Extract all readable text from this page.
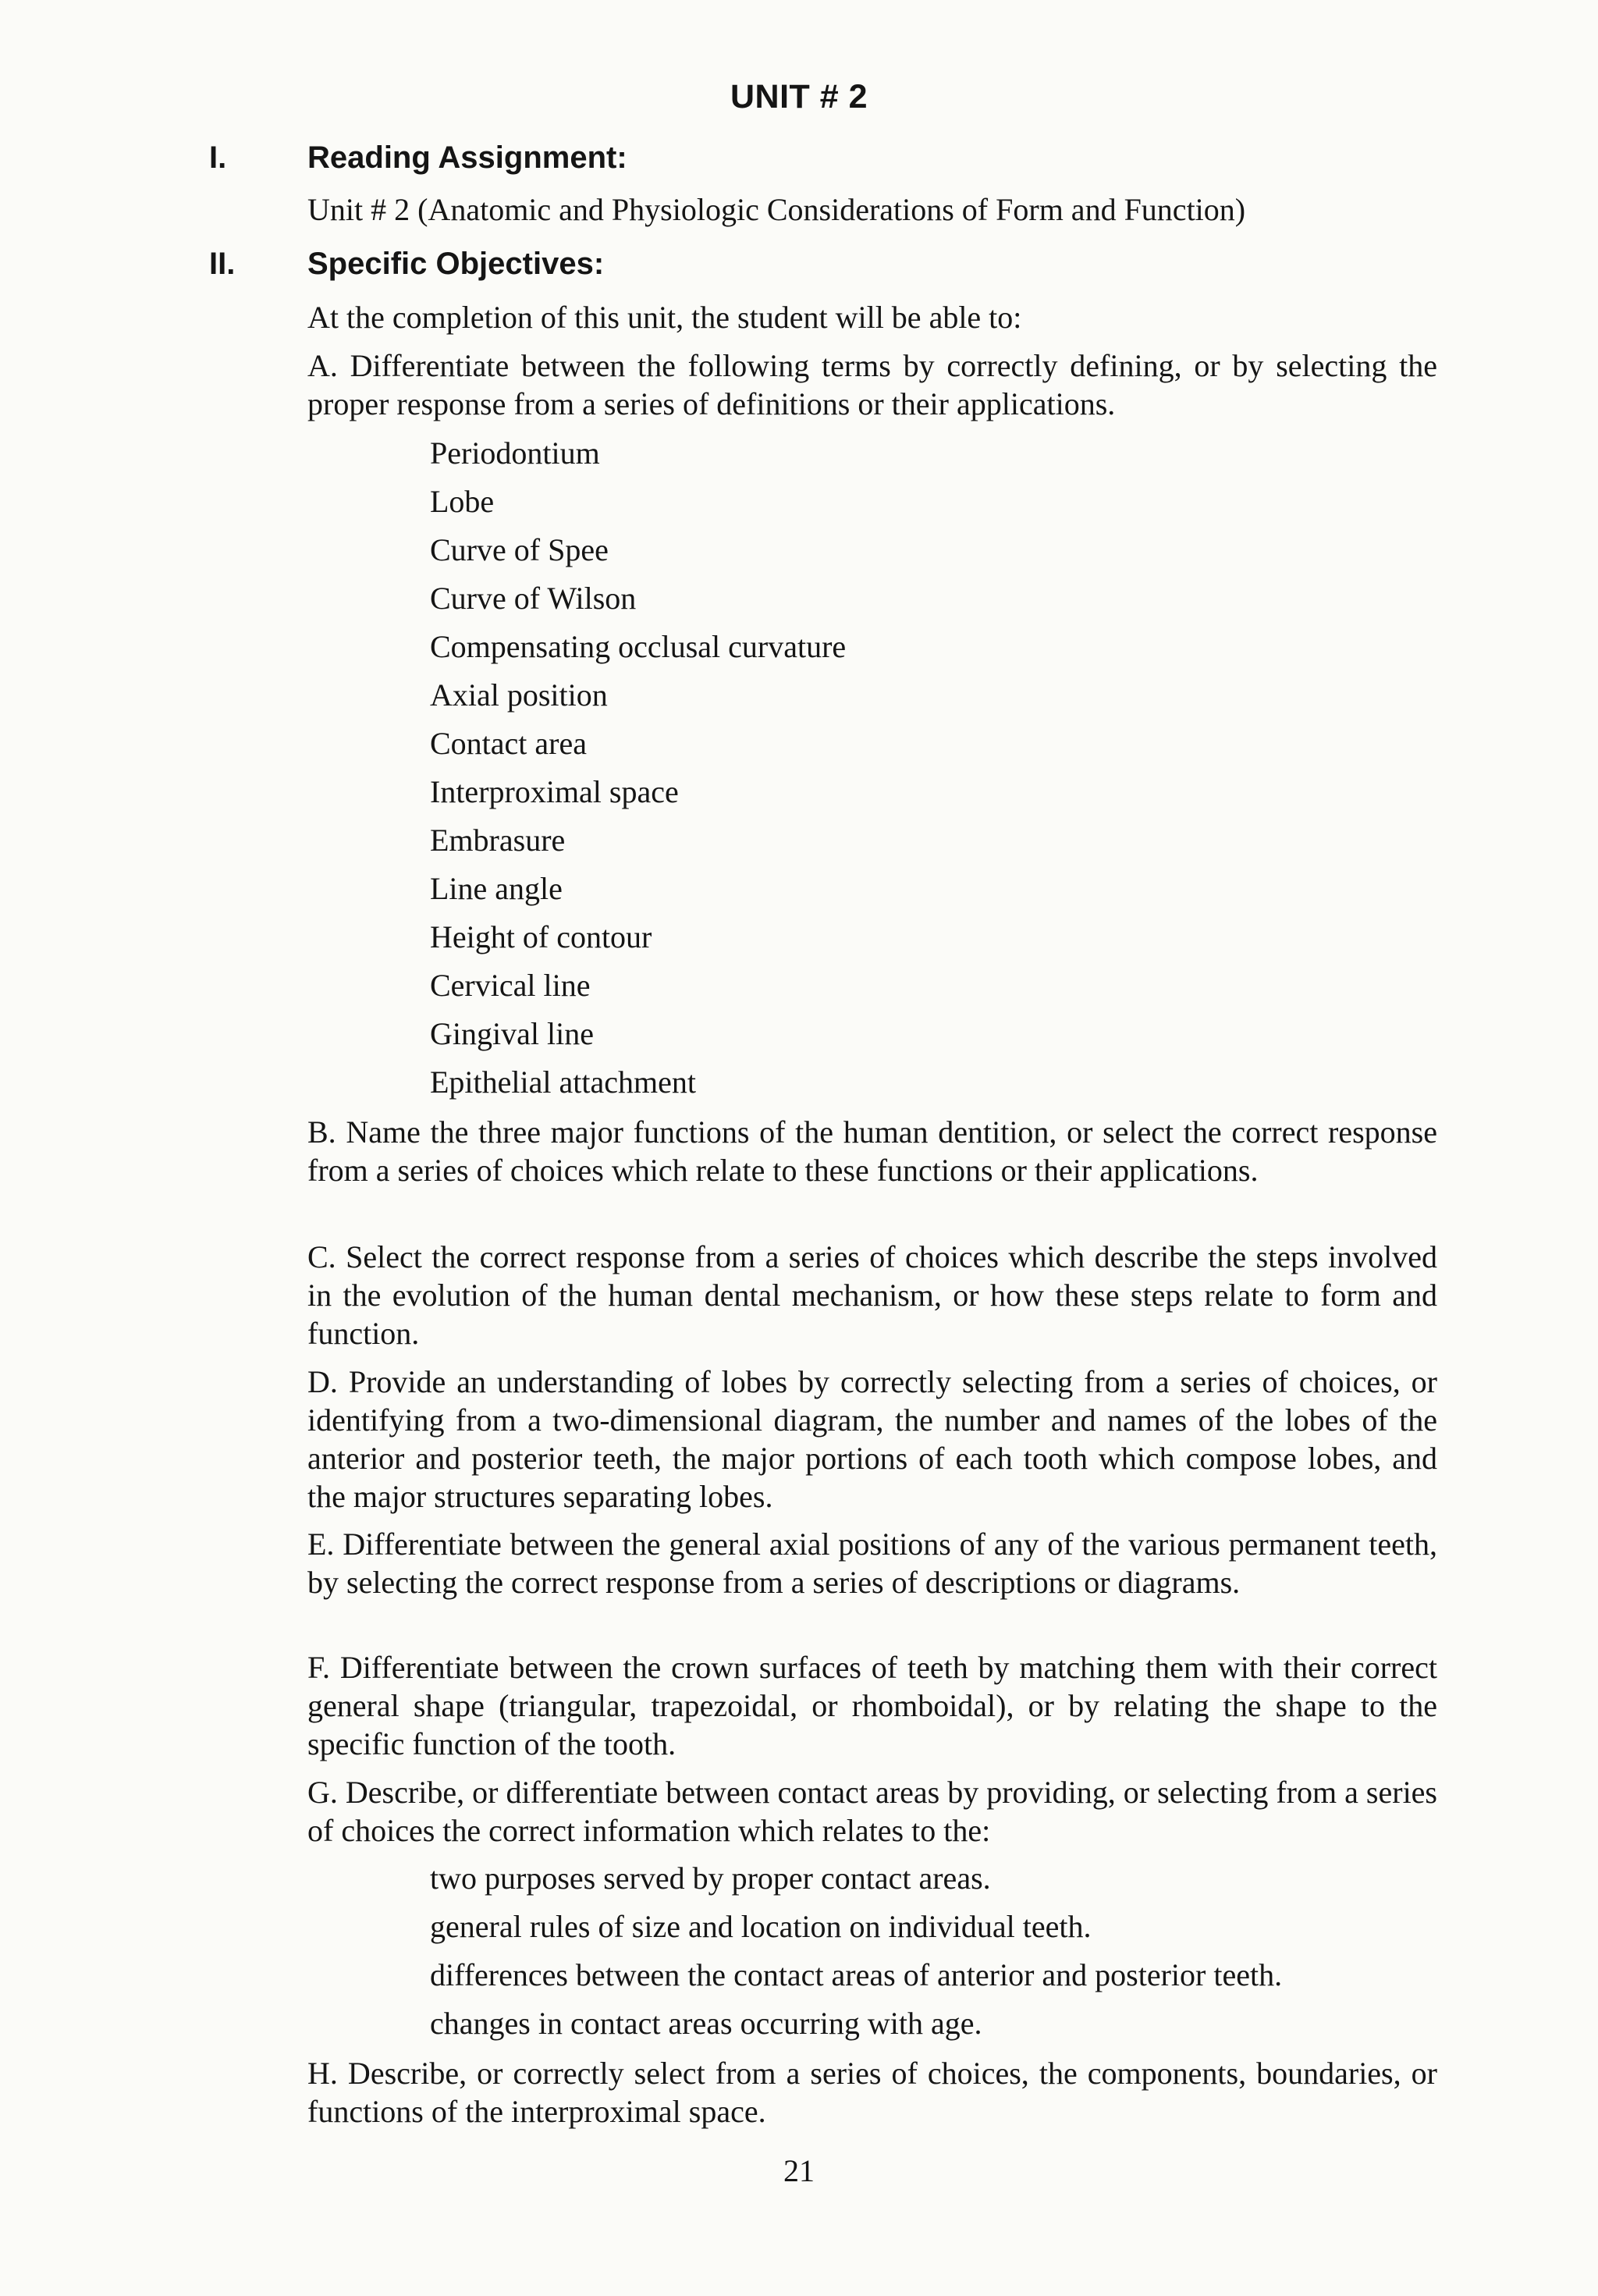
UNIT # 2
I.	Reading Assignment:
Unit # 2 (Anatomic and Physiologic Considerations of Form and Function)
II. Specific Objectives:
At the completion of this unit, the student will be able to:
A. Differentiate between the following terms by correctly defining, or by selecting the proper response from a series of definitions or their applications.
Periodontium
Lobe
Curve of Spee
Curve of Wilson
Compensating occlusal curvature
Axial position
Contact area
Interproximal space
Embrasure
Line angle
Height of contour
Cervical line
Gingival line
Epithelial attachment
B. Name the three major functions of the human dentition, or select the correct response from a series of choices which relate to these functions or their applications.
C. Select the correct response from a series of choices which describe the steps involved in the evolution of the human dental mechanism, or how these steps relate to form and function.
D. Provide an understanding of lobes by correctly selecting from a series of choices, or identifying from a two-dimensional diagram, the number and names of the lobes of the anterior and posterior teeth, the major portions of each tooth which compose lobes, and the major structures separating lobes.
E. Differentiate between the general axial positions of any of the various permanent teeth, by selecting the correct response from a series of descriptions or diagrams.
F. Differentiate between the crown surfaces of teeth by matching them with their correct general shape (triangular, trapezoidal, or rhomboidal), or by relating the shape to the specific function of the tooth.
G. Describe, or differentiate between contact areas by providing, or selecting from a series of choices the correct information which relates to the:
two purposes served by proper contact areas.
general rules of size and location on individual teeth.
differences between the contact areas of anterior and posterior teeth.
changes in contact areas occurring with age.
H. Describe, or correctly select from a series of choices, the components, boundaries, or functions of the interproximal space.
21
